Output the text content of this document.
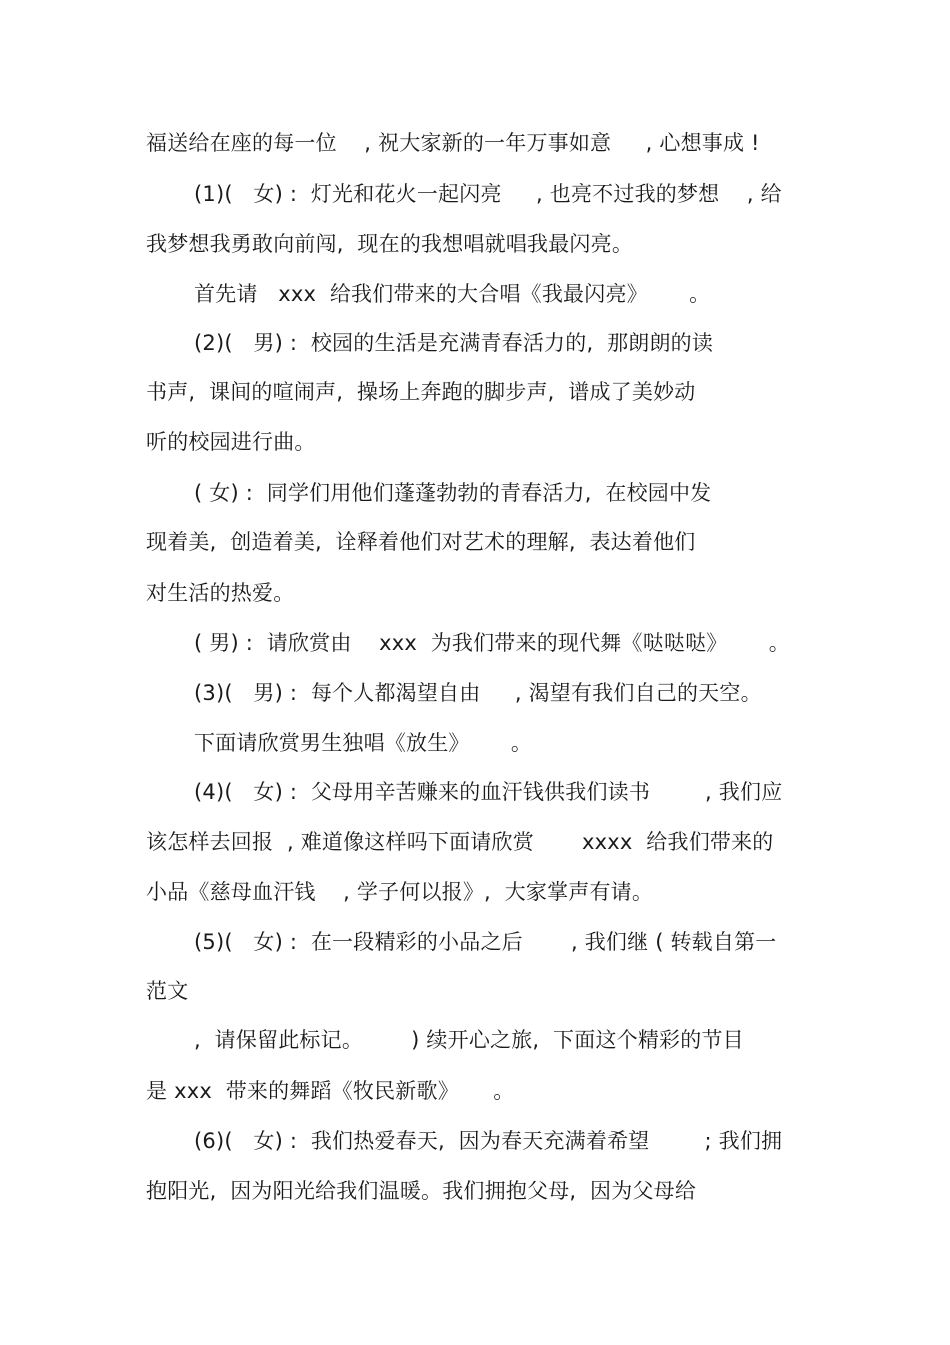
福送给在座的每一位    , 祝大家新的一年万事如意     , 心想事成 !
(1)(   女) :  灯光和花火一起闪亮     , 也亮不过我的梦想    , 给
我梦想我勇敢向前闯,  现在的我想唱就唱我最闪亮。
首先请   xxx  给我们带来的大合唱《我最闪亮》      。
(2)(   男) :  校园的生活是充满青春活力的,  那朗朗的读
书声,  课间的喧闹声,  操场上奔跑的脚步声,  谱成了美妙动
听的校园进行曲。
( 女) :  同学们用他们蓬蓬勃勃的青春活力,  在校园中发
现着美,  创造着美,  诠释着他们对艺术的理解,  表达着他们
对生活的热爱。
( 男) :  请欣赏由    xxx  为我们带来的现代舞《哒哒哒》      。
(3)(   男) :  每个人都渴望自由     , 渴望有我们自己的天空。
下面请欣赏男生独唱《放生》      。
(4)(   女) :  父母用辛苦赚来的血汗钱供我们读书        , 我们应
该怎样去回报  , 难道像这样吗下面请欣赏       xxxx  给我们带来的
小品《慈母血汗钱    , 学子何以报》,  大家掌声有请。
(5)(   女) :  在一段精彩的小品之后       , 我们继 ( 转载自第一
范文
,  请保留此标记。       ) 续开心之旅,  下面这个精彩的节目
是 xxx  带来的舞蹈《牧民新歌》     。
(6)(   女) :  我们热爱春天,  因为春天充满着希望        ; 我们拥
抱阳光,  因为阳光给我们温暖。我们拥抱父母,  因为父母给
